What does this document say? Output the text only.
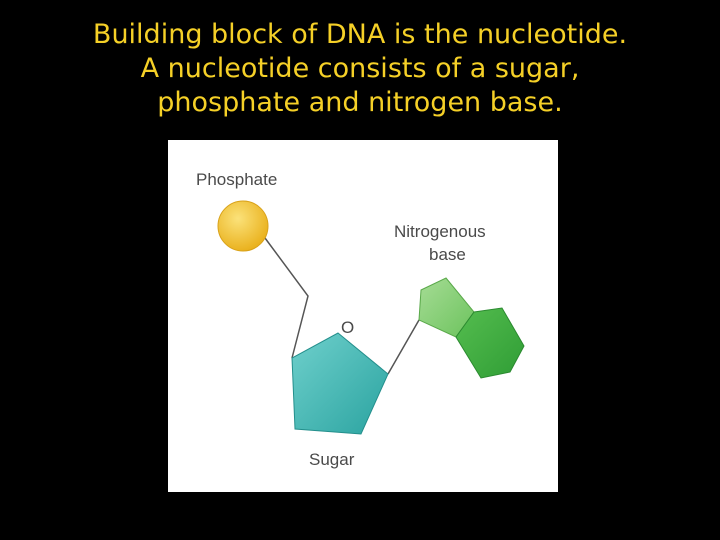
Building block of DNA is the nucleotide.
A nucleotide consists of a sugar,
phosphate and nitrogen base.
Phosphate
Nitrogenous
base
O
Sugar
